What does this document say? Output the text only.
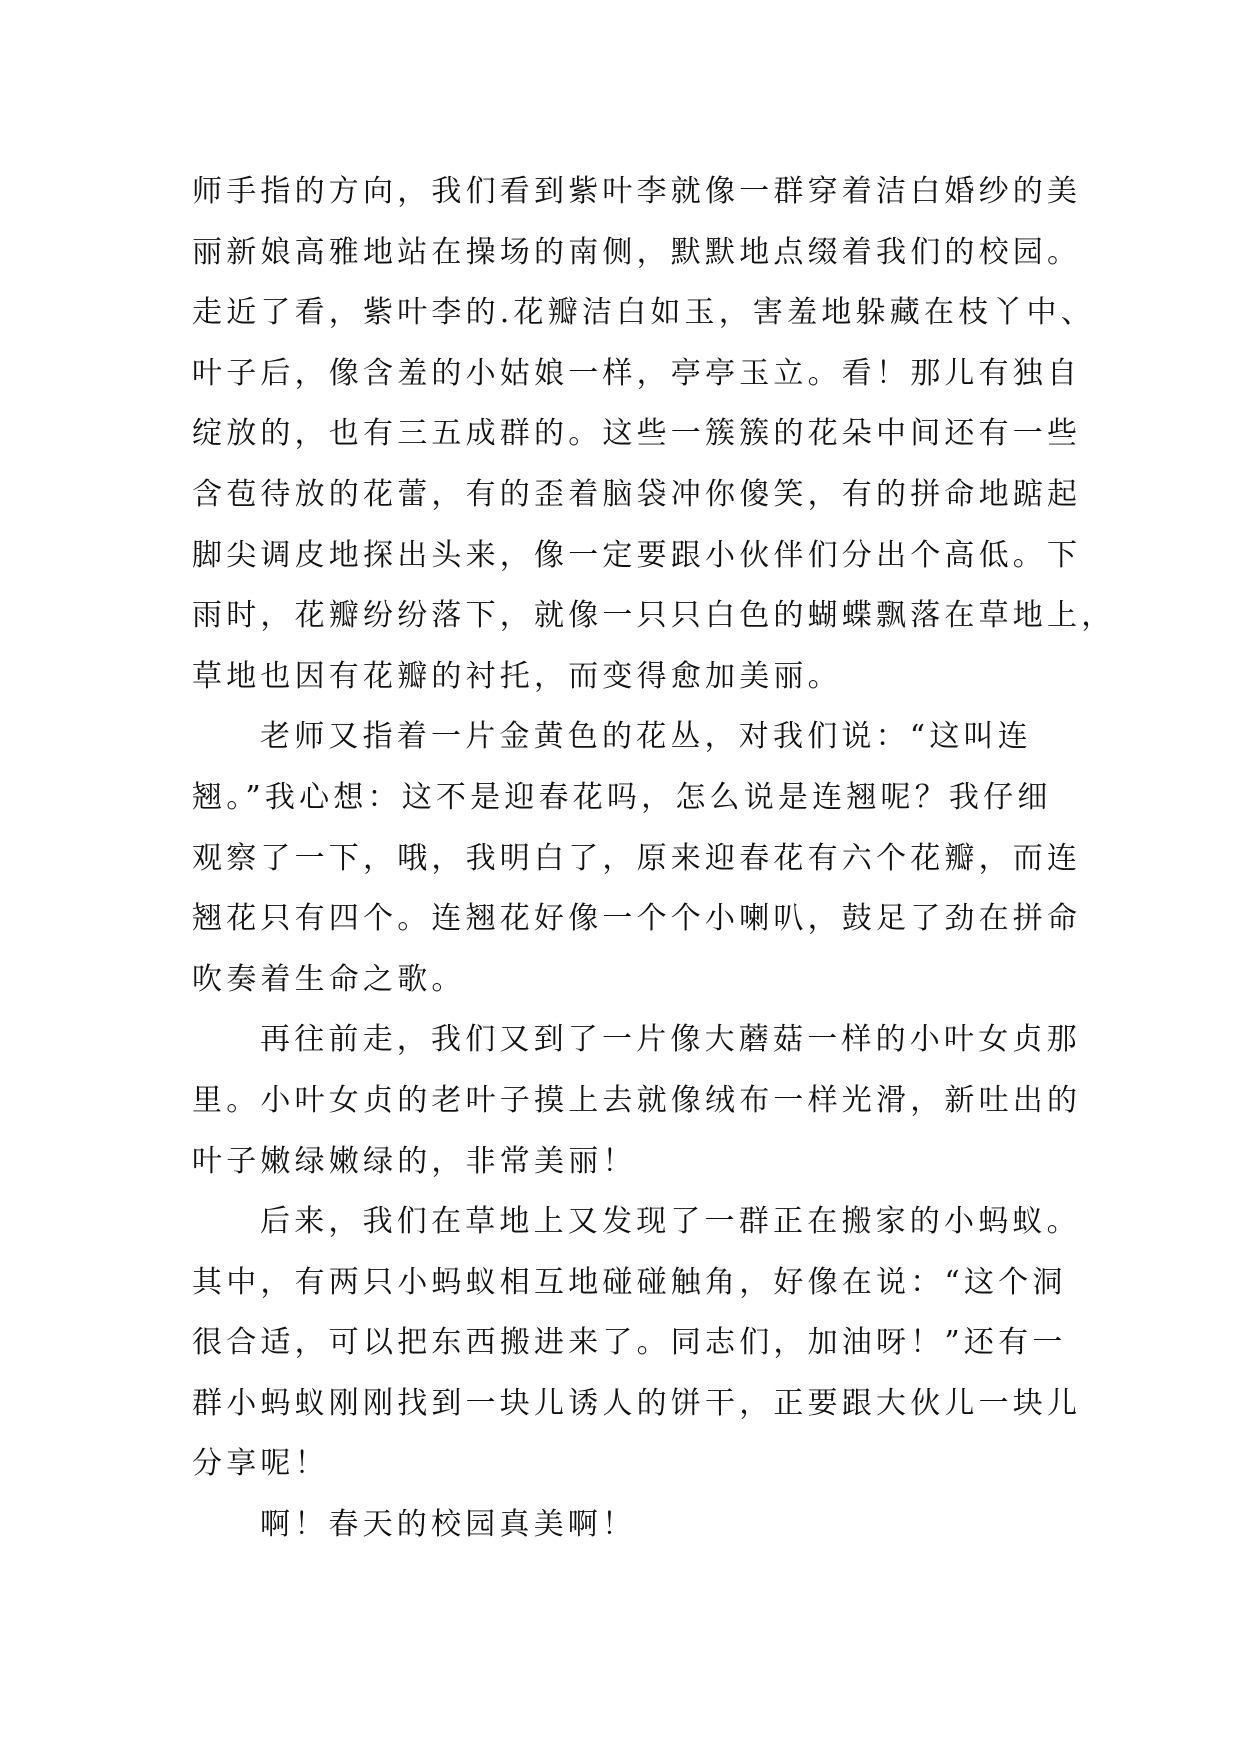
师手指的方向，我们看到紫叶李就像一群穿着洁白婚纱的美
丽新娘高雅地站在操场的南侧，默默地点缀着我们的校园。
走近了看，紫叶李的.花瓣洁白如玉，害羞地躲藏在枝丫中、
叶子后，像含羞的小姑娘一样，亭亭玉立。看！那儿有独自
绽放的，也有三五成群的。这些一簇簇的花朵中间还有一些
含苞待放的花蕾，有的歪着脑袋冲你傻笑，有的拼命地踮起
脚尖调皮地探出头来，像一定要跟小伙伴们分出个高低。下
雨时，花瓣纷纷落下，就像一只只白色的蝴蝶飘落在草地上，
草地也因有花瓣的衬托，而变得愈加美丽。
老师又指着一片金黄色的花丛，对我们说：“这叫连
翘。”我心想：这不是迎春花吗，怎么说是连翘呢？我仔细
观察了一下，哦，我明白了，原来迎春花有六个花瓣，而连
翘花只有四个。连翘花好像一个个小喇叭，鼓足了劲在拼命
吹奏着生命之歌。
再往前走，我们又到了一片像大蘑菇一样的小叶女贞那
里。小叶女贞的老叶子摸上去就像绒布一样光滑，新吐出的
叶子嫩绿嫩绿的，非常美丽！
后来，我们在草地上又发现了一群正在搬家的小蚂蚁。
其中，有两只小蚂蚁相互地碰碰触角，好像在说：“这个洞
很合适，可以把东西搬进来了。同志们，加油呀！”还有一
群小蚂蚁刚刚找到一块儿诱人的饼干，正要跟大伙儿一块儿
分享呢！
啊！春天的校园真美啊！
